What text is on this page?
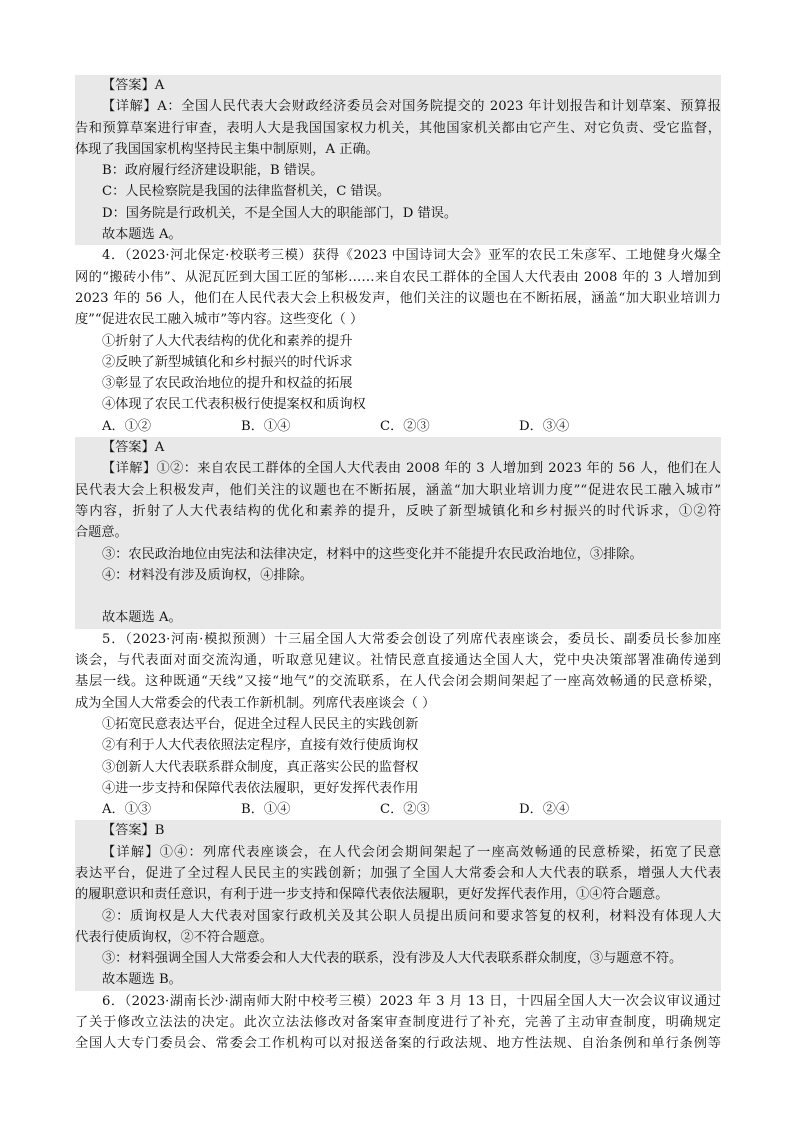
【答案】A
【详解】A：全国人民代表大会财政经济委员会对国务院提交的 2023 年计划报告和计划草案、预算报
告和预算草案进行审查，表明人大是我国国家权力机关，其他国家机关都由它产生、对它负责、受它监督，
体现了我国国家机构坚持民主集中制原则，A 正确。
B：政府履行经济建设职能，B 错误。
C：人民检察院是我国的法律监督机关，C 错误。
D：国务院是行政机关，不是全国人大的职能部门，D 错误。
故本题选 A。
4．（2023·河北保定·校联考三模）获得《2023 中国诗词大会》亚军的农民工朱彦军、工地健身火爆全
网的“搬砖小伟”、从泥瓦匠到大国工匠的邹彬……来自农民工群体的全国人大代表由 2008 年的 3 人增加到
2023 年的 56 人，他们在人民代表大会上积极发声，他们关注的议题也在不断拓展，涵盖“加大职业培训力
度”“促进农民工融入城市”等内容。这些变化（ ）
①折射了人大代表结构的优化和素养的提升
②反映了新型城镇化和乡村振兴的时代诉求
③彰显了农民政治地位的提升和权益的拓展
④体现了农民工代表积极行使提案权和质询权
A．①②	B．①④	C．②③	D．③④
【答案】A
【详解】①②：来自农民工群体的全国人大代表由 2008 年的 3 人增加到 2023 年的 56 人，他们在人
民代表大会上积极发声，他们关注的议题也在不断拓展，涵盖“加大职业培训力度”“促进农民工融入城市”
等内容，折射了人大代表结构的优化和素养的提升，反映了新型城镇化和乡村振兴的时代诉求，①②符
合题意。
③：农民政治地位由宪法和法律决定，材料中的这些变化并不能提升农民政治地位，③排除。
④：材料没有涉及质询权，④排除。
故本题选 A。
5．（2023·河南·模拟预测）十三届全国人大常委会创设了列席代表座谈会，委员长、副委员长参加座
谈会，与代表面对面交流沟通，听取意见建议。社情民意直接通达全国人大，党中央决策部署准确传递到
基层一线。这种既通“天线”又接“地气”的交流联系，在人代会闭会期间架起了一座高效畅通的民意桥梁，
成为全国人大常委会的代表工作新机制。列席代表座谈会（ ）
①拓宽民意表达平台，促进全过程人民民主的实践创新
②有利于人大代表依照法定程序，直接有效行使质询权
③创新人大代表联系群众制度，真正落实公民的监督权
④进一步支持和保障代表依法履职，更好发挥代表作用
A．①③	B．①④	C．②③	D．②④
【答案】B
【详解】①④：列席代表座谈会，在人代会闭会期间架起了一座高效畅通的民意桥梁，拓宽了民意
表达平台，促进了全过程人民民主的实践创新；加强了全国人大常委会和人大代表的联系，增强人大代表
的履职意识和责任意识，有利于进一步支持和保障代表依法履职，更好发挥代表作用，①④符合题意。
②：质询权是人大代表对国家行政机关及其公职人员提出质问和要求答复的权利，材料没有体现人大
代表行使质询权，②不符合题意。
③：材料强调全国人大常委会和人大代表的联系，没有涉及人大代表联系群众制度，③与题意不符。
故本题选 B。
6．（2023·湖南长沙·湖南师大附中校考三模）2023 年 3 月 13 日，十四届全国人大一次会议审议通过
了关于修改立法法的决定。此次立法法修改对备案审查制度进行了补充，完善了主动审查制度，明确规定
全国人大专门委员会、常委会工作机构可以对报送备案的行政法规、地方性法规、自治条例和单行条例等
